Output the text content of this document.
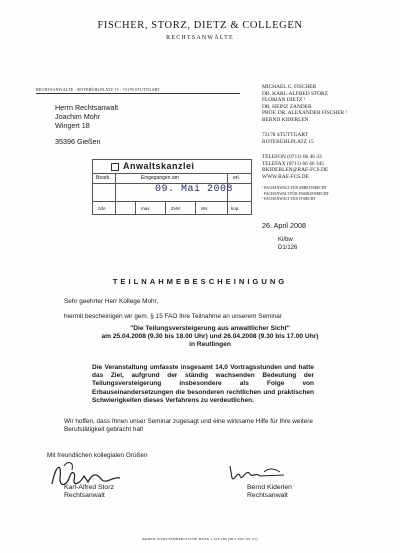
FISCHER, STORZ, DIETZ & COLLEGEN
RECHTSANWÄLTE
RECHTSANWÄLTE · ROTEBÜHLPLATZ 15 · 72178 STUTTGART
Herrn Rechtsanwalt
Joachim Mohr
Wingert 18
35396 Gießen
MICHAEL C. FISCHER
DR. KARL-ALFRED STORZ
FLORIAN DIETZ ¹
DR. HEINZ ZANDER
PROF. DR. ALEXANDER FISCHER ¹
BERND KIDERLEN
72178 STUTTGART
ROTEBÜHLPLATZ 15
TELEFON (0711) 66 46 33
TELEFAX (0711) 66 46 345
BKIDERLEN@RAE-FCS.DE
WWW.RAE-FCS.DE
¹ FACHANWALT FÜR ARBEITSRECHT
FACHANWALT FÜR FAMILIENRECHT
² FACHANWALT FÜR IT-RECHT
Anwaltskanzlei
Bearb.	Eingegangen am	erl.
09. Mai 2008
zdA	mav	ZvM	Wv	kop.
26. April 2008
Ki/bw
D1/126
TEILNAHMEBESCHEINIGUNG
Sehr geehrter Herr Kollege Mohr,
hiermit bescheinigen wir gem. § 15 FAO Ihre Teilnahme an unserem Seminar
"Die Teilungsversteigerung aus anwaltlicher Sicht"
am 25.04.2008 (9.30 bis 18.00 Uhr) und 26.04.2008 (9.30 bis 17.00 Uhr)
in Reutlingen
Die Veranstaltung umfasste insgesamt 14,0 Vortragsstunden und hatte das Ziel, aufgrund der ständig wachsenden Bedeutung der Teilungsversteigerung insbesondere als Folge von Erbauseinandersetzungen die besonderen rechtlichen und praktischen Schwierigkeiten dieses Verfahrens zu verdeutlichen.
Wir hoffen, dass Ihnen unser Seminar zugesagt und eine wirksame Hilfe für Ihre weitere Berufstätigkeit gebracht hat!
Mit freundlichen kollegialen Grüßen
Karl-Alfred Storz
Rechtsanwalt
Bernd Kiderlen
Rechtsanwalt
BADEN-WÜRTTEMBERGISCHE BANK 2 616 289 (BLZ 600 501 01)
